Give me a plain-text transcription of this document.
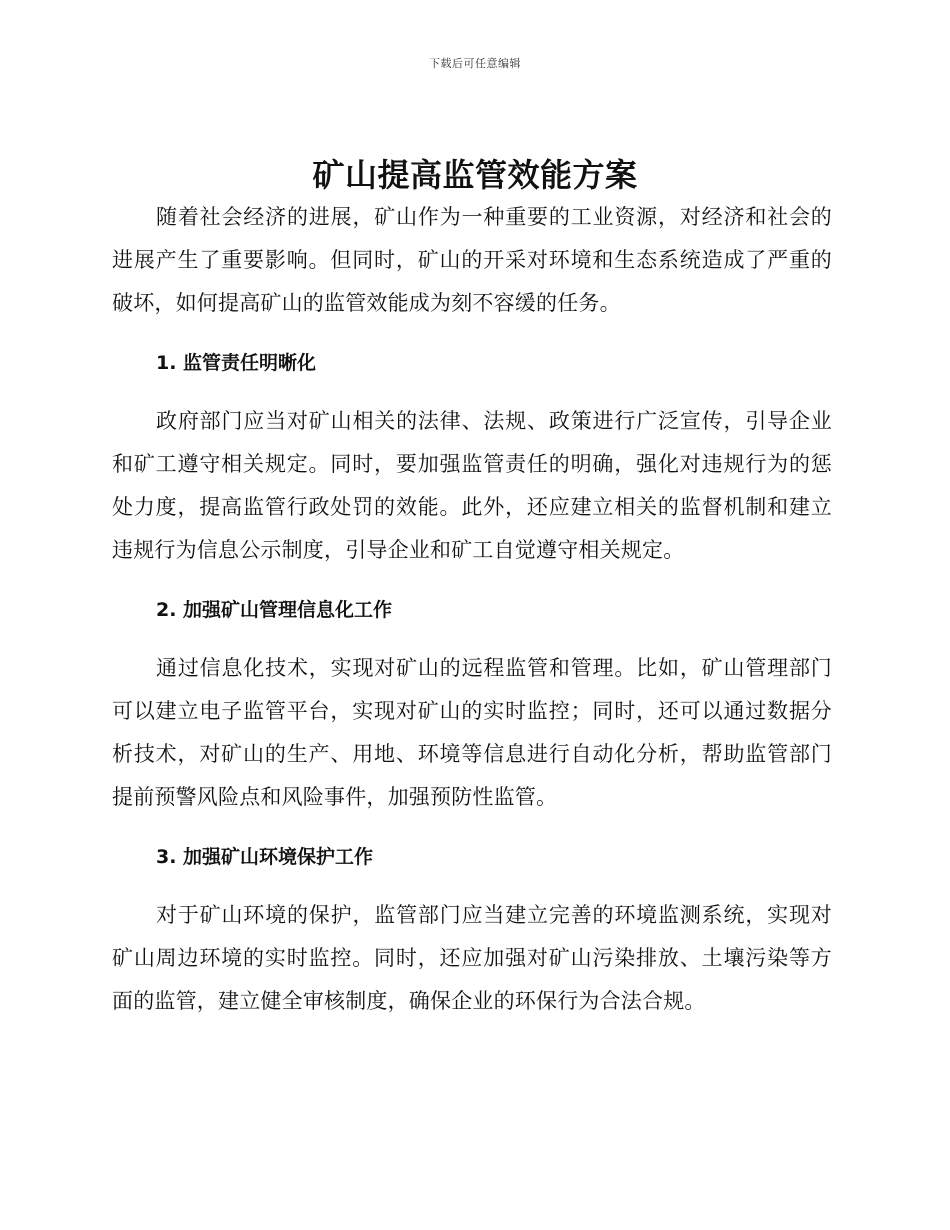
下载后可任意编辑
矿山提高监管效能方案

随着社会经济的进展，矿山作为一种重要的工业资源，对经济和社会的进展产生了重要影响。但同时，矿山的开采对环境和生态系统造成了严重的破坏，如何提高矿山的监管效能成为刻不容缓的任务。

1. 监管责任明晰化

政府部门应当对矿山相关的法律、法规、政策进行广泛宣传，引导企业和矿工遵守相关规定。同时，要加强监管责任的明确，强化对违规行为的惩处力度，提高监管行政处罚的效能。此外，还应建立相关的监督机制和建立违规行为信息公示制度，引导企业和矿工自觉遵守相关规定。

2. 加强矿山管理信息化工作

通过信息化技术，实现对矿山的远程监管和管理。比如，矿山管理部门可以建立电子监管平台，实现对矿山的实时监控；同时，还可以通过数据分析技术，对矿山的生产、用地、环境等信息进行自动化分析，帮助监管部门提前预警风险点和风险事件，加强预防性监管。

3. 加强矿山环境保护工作

对于矿山环境的保护，监管部门应当建立完善的环境监测系统，实现对矿山周边环境的实时监控。同时，还应加强对矿山污染排放、土壤污染等方面的监管，建立健全审核制度，确保企业的环保行为合法合规。
